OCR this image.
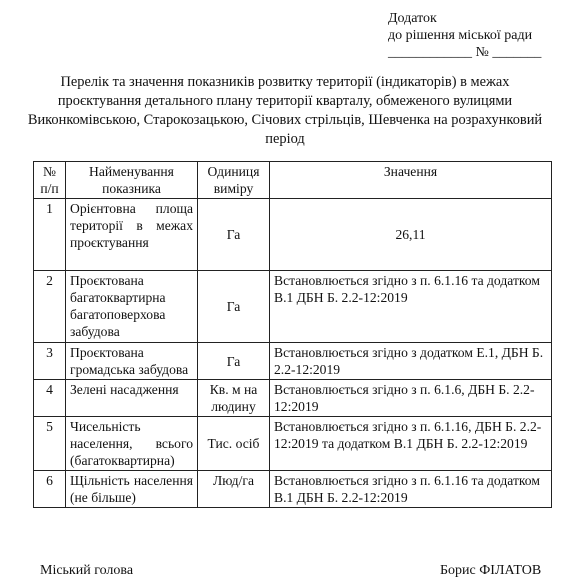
Додаток
до рішення міської ради
____________ № _______
Перелік та значення показників розвитку території (індикаторів) в межах проєктування детального плану території кварталу, обмеженого вулицями Виконкомівською, Старокозацькою, Січових стрільців, Шевченка на розрахунковий період
№ п/п	Найменування показника	Одиниця виміру	Значення
1	Орієнтовна площа території в межах проєктування	Га	26,11
2	Проєктована багатоквартирна багатоповерхова забудова	Га	Встановлюється згідно з п. 6.1.16 та додатком В.1 ДБН Б. 2.2-12:2019
3	Проєктована громадська забудова	Га	Встановлюється згідно з додатком Е.1, ДБН Б. 2.2-12:2019
4	Зелені насадження	Кв. м на людину	Встановлюється згідно з п. 6.1.6, ДБН Б. 2.2-12:2019
5	Чисельність населення, всього (багатоквартирна)	Тис. осіб	Встановлюється згідно з п. 6.1.16, ДБН Б. 2.2-12:2019 та додатком В.1 ДБН Б. 2.2-12:2019
6	Щільність населення (не більше)	Люд/га	Встановлюється згідно з п. 6.1.16 та додатком В.1 ДБН Б. 2.2-12:2019
Міський голова	Борис ФІЛАТОВ
